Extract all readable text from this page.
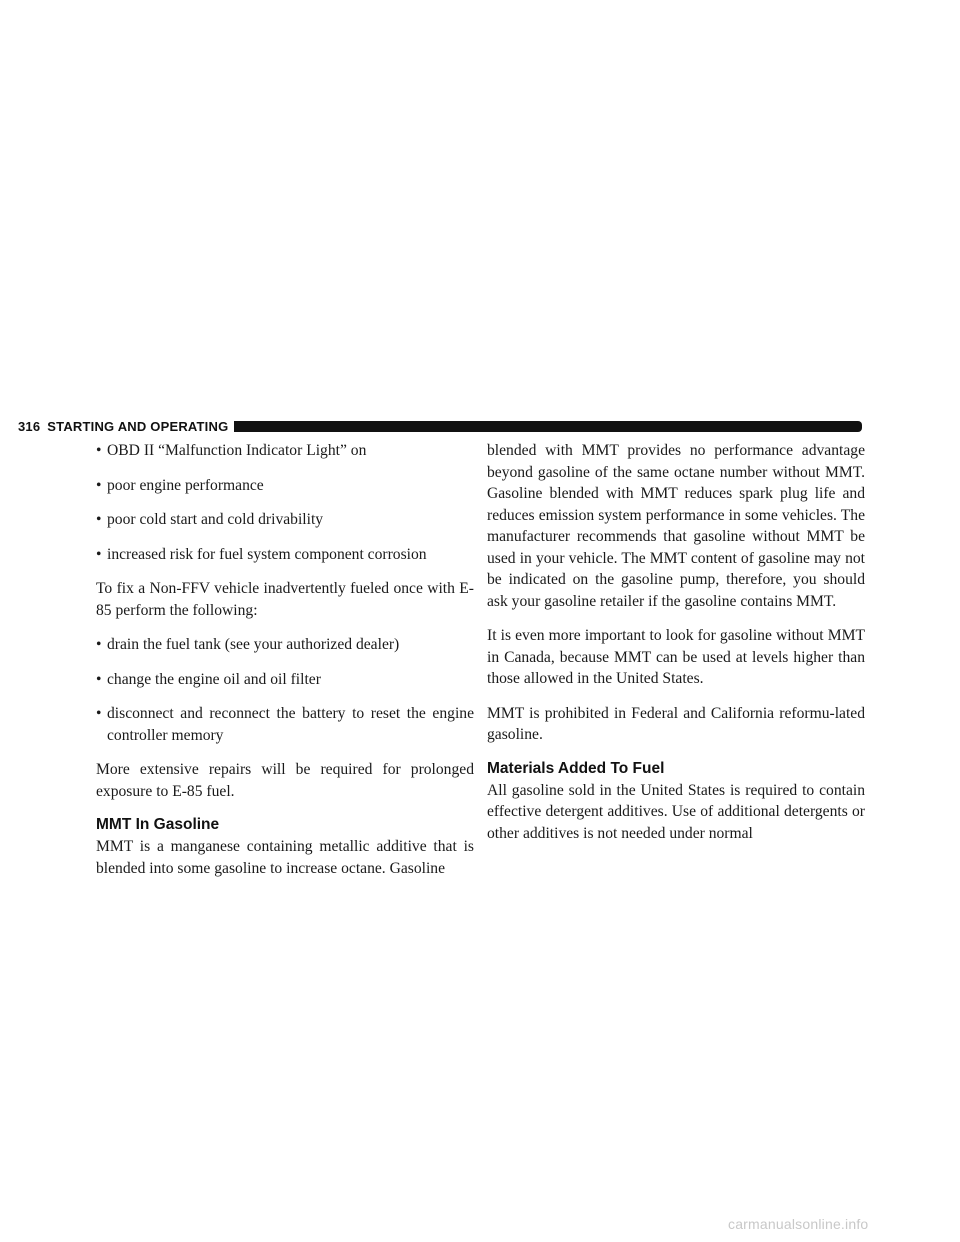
316 STARTING AND OPERATING
• OBD II “Malfunction Indicator Light” on
• poor engine performance
• poor cold start and cold drivability
• increased risk for fuel system component corrosion

To fix a Non-FFV vehicle inadvertently fueled once with E-85 perform the following:

• drain the fuel tank (see your authorized dealer)
• change the engine oil and oil filter
• disconnect and reconnect the battery to reset the engine controller memory

More extensive repairs will be required for prolonged exposure to E-85 fuel.

MMT In Gasoline

MMT is a manganese containing metallic additive that is blended into some gasoline to increase octane. Gasoline

blended with MMT provides no performance advantage beyond gasoline of the same octane number without MMT. Gasoline blended with MMT reduces spark plug life and reduces emission system performance in some vehicles. The manufacturer recommends that gasoline without MMT be used in your vehicle. The MMT content of gasoline may not be indicated on the gasoline pump, therefore, you should ask your gasoline retailer if the gasoline contains MMT.

It is even more important to look for gasoline without MMT in Canada, because MMT can be used at levels higher than those allowed in the United States.

MMT is prohibited in Federal and California reformu-lated gasoline.

Materials Added To Fuel

All gasoline sold in the United States is required to contain effective detergent additives. Use of additional detergents or other additives is not needed under normal

carmanualsonline.info
